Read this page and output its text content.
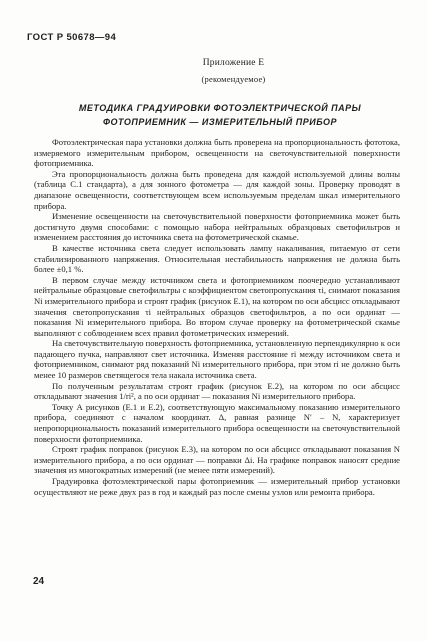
ГОСТ Р 50678—94
Приложение Е
(рекомендуемое)
МЕТОДИКА ГРАДУИРОВКИ ФОТОЭЛЕКТРИЧЕСКОЙ ПАРЫ
ФОТОПРИЕМНИК — ИЗМЕРИТЕЛЬНЫЙ ПРИБОР

Фотоэлектрическая пара установки должна быть проверена на пропорциональность фототока, измеряемого измерительным прибором, освещенности на светочувствительной поверхности фотоприемника.

Эта пропорциональность должна быть проведена для каждой используемой длины волны (таблица С.1 стандарта), а для зонного фотометра — для каждой зоны. Проверку проводят в диапазоне освещенности, соответствующем всем используемым пределам шкал измерительного прибора.

Изменение освещенности на светочувствительной поверхности фотоприемника может быть достигнуто двумя способами: с помощью набора нейтральных образцовых светофильтров и изменением расстояния до источника света на фотометрической скамье.

В качестве источника света следует использовать лампу накаливания, питаемую от сети стабилизированного напряжения. Относительная нестабильность напряжения не должна быть более ±0,1 %.

В первом случае между источником света и фотоприемником поочередно устанавливают нейтральные образцовые светофильтры с коэффициентом светопропускания τi, снимают показания Ni измерительного прибора и строят график (рисунок Е.1), на котором по оси абсцисс откладывают значения светопропускания τi нейтральных образцов светофильтров, а по оси ординат — показания Ni измерительного прибора. Во втором случае проверку на фотометрической скамье выполняют с соблюдением всех правил фотометрических измерений.

На светочувствительную поверхность фотоприемника, установленную перпендикулярно к оси падающего пучка, направляют свет источника. Изменяя расстояние ri между источником света и фотоприемником, снимают ряд показаний Ni измерительного прибора, при этом ri не должно быть менее 10 размеров светящегося тела накала источника света.

По полученным результатам строят график (рисунок Е.2), на котором по оси абсцисс откладывают значения 1/ri², а по оси ординат — показания Ni измерительного прибора.

Точку А рисунков (Е.1 и Е.2), соответствующую максимальному показанию измерительного прибора, соединяют с началом координат. Δ, равная разнице N′ – N, характеризует непропорциональность показаний измерительного прибора освещенности на светочувствительной поверхности фотоприемника.

Строят график поправок (рисунок Е.3), на котором по оси абсцисс откладывают показания N измерительного прибора, а по оси ординат — поправки Δi. На графике поправок наносят средние значения из многократных измерений (не менее пяти измерений).

Градуировка фотоэлектрической пары фотоприемник — измерительный прибор установки осуществляют не реже двух раз в год и каждый раз после смены узлов или ремонта прибора.

24
